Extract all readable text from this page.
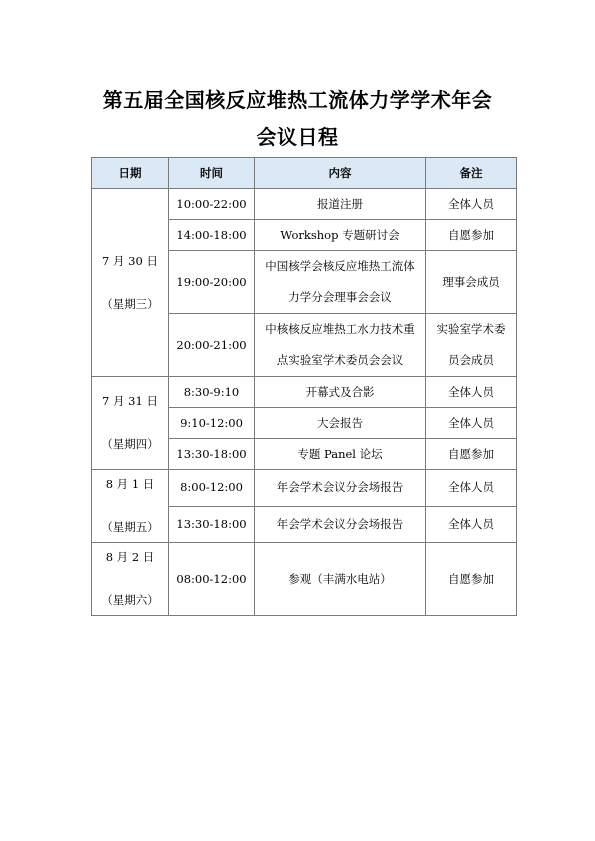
第五届全国核反应堆热工流体力学学术年会
会议日程
日期	时间	内容	备注

7 月 30 日
（星期三）	10:00-22:00	报道注册	全体人员
	14:00-18:00	Workshop 专题研讨会	自愿参加
	19:00-20:00	中国核学会核反应堆热工流体
力学分会理事会会议	理事会成员
	20:00-21:00	中核核反应堆热工水力技术重
点实验室学术委员会会议	实验室学术委
员会成员

7 月 31 日
（星期四）	8:30-9:10	开幕式及合影	全体人员
	9:10-12:00	大会报告	全体人员
	13:30-18:00	专题 Panel 论坛	自愿参加

8 月 1 日
（星期五）	8:00-12:00	年会学术会议分会场报告	全体人员
	13:30-18:00	年会学术会议分会场报告	全体人员

8 月 2 日
（星期六）	08:00-12:00	参观（丰满水电站）	自愿参加
